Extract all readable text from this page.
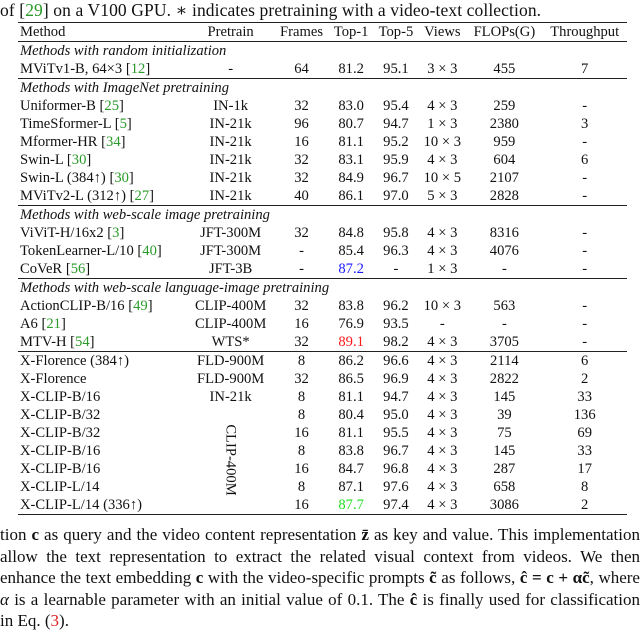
of [29] on a V100 GPU. ∗ indicates pretraining with a video-text collection.
Method	Pretrain	Frames	Top-1	Top-5	Views	FLOPs(G)	Throughput
Methods with random initialization							
MViTv1-B, 64×3 [12]	-	64	81.2	95.1	3 × 3	455	7
Methods with ImageNet pretraining							
Uniformer-B [25]	IN-1k	32	83.0	95.4	4 × 3	259	-
TimeSformer-L [5]	IN-21k	96	80.7	94.7	1 × 3	2380	3
Mformer-HR [34]	IN-21k	16	81.1	95.2	10 × 3	959	-
Swin-L [30]	IN-21k	32	83.1	95.9	4 × 3	604	6
Swin-L (384↑) [30]	IN-21k	32	84.9	96.7	10 × 5	2107	-
MViTv2-L (312↑) [27]	IN-21k	40	86.1	97.0	5 × 3	2828	-
Methods with web-scale image pretraining							
ViViT-H/16x2 [3]	JFT-300M	32	84.8	95.8	4 × 3	8316	-
TokenLearner-L/10 [40]	JFT-300M	-	85.4	96.3	4 × 3	4076	-
CoVeR [56]	JFT-3B	-	87.2	-	1 × 3	-	-
Methods with web-scale language-image pretraining							
ActionCLIP-B/16 [49]	CLIP-400M	32	83.8	96.2	10 × 3	563	-
A6 [21]	CLIP-400M	16	76.9	93.5	-	-	-
MTV-H [54]	WTS*	32	89.1	98.2	4 × 3	3705	-
X-Florence (384↑)	FLD-900M	8	86.2	96.6	4 × 3	2114	6
X-Florence	FLD-900M	32	86.5	96.9	4 × 3	2822	2
X-CLIP-B/16	IN-21k	8	81.1	94.7	4 × 3	145	33
X-CLIP-B/32	CLIP-400M	8	80.4	95.0	4 × 3	39	136
X-CLIP-B/32		16	81.1	95.5	4 × 3	75	69
X-CLIP-B/16		8	83.8	96.7	4 × 3	145	33
X-CLIP-B/16		16	84.7	96.8	4 × 3	287	17
X-CLIP-L/14		8	87.1	97.6	4 × 3	658	8
X-CLIP-L/14 (336↑)		16	87.7	97.4	4 × 3	3086	2
tion c as query and the video content representation z̄ as key and value. This implementation allow the text representation to extract the related visual context from videos. We then enhance the text embedding c with the video-specific prompts c̃ as follows, ĉ = c + αc̃, where α is a learnable parameter with an initial value of 0.1. The ĉ is finally used for classification in Eq. (3).
